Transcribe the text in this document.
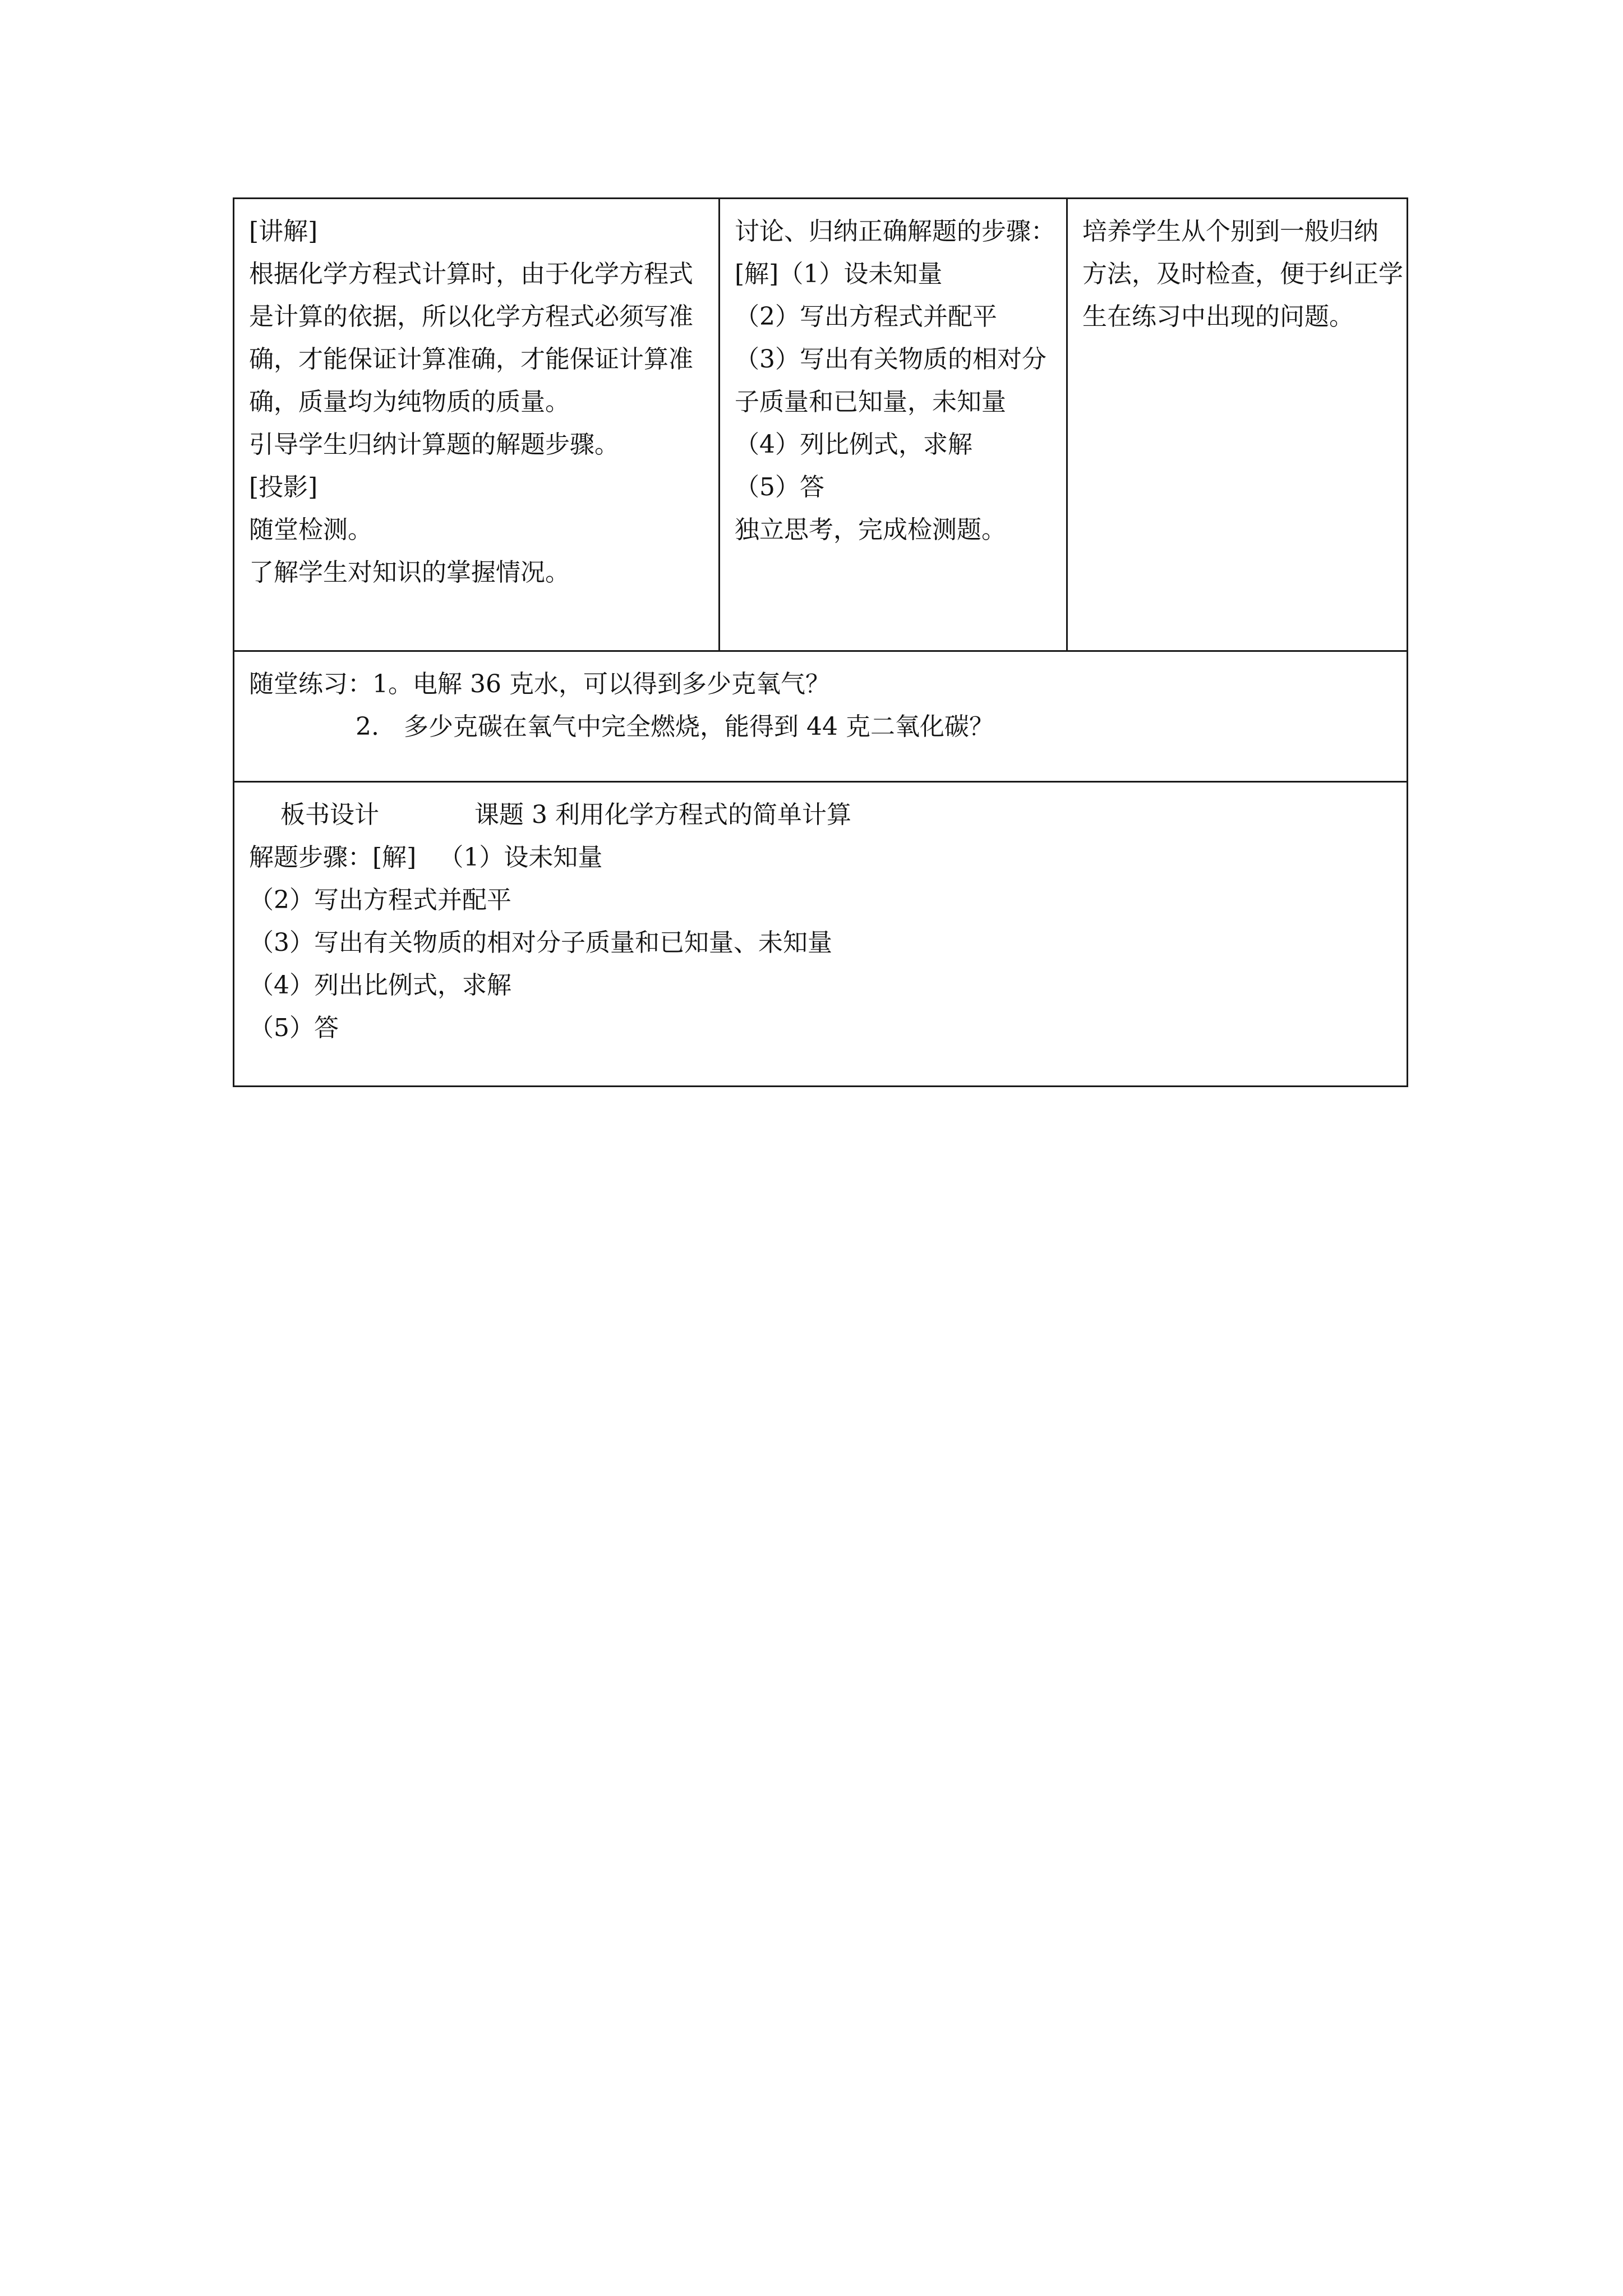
[讲解]
根据化学方程式计算时，由于化学方程式
是计算的依据，所以化学方程式必须写准
确，才能保证计算准确，才能保证计算准
确，质量均为纯物质的质量。
引导学生归纳计算题的解题步骤。
[投影]
随堂检测。
了解学生对知识的掌握情况。

讨论、归纳正确解题的步骤：
[解]（1）设未知量
（2）写出方程式并配平
（3）写出有关物质的相对分
子质量和已知量，未知量
（4）列比例式，求解
（5）答
独立思考，完成检测题。

培养学生从个别到一般归纳
方法，及时检查，便于纠正学
生在练习中出现的问题。

随堂练习：1。电解 36 克水，可以得到多少克氧气？
2.　多少克碳在氧气中完全燃烧，能得到 44 克二氧化碳？

板书设计	课题 3 利用化学方程式的简单计算
解题步骤：[解] （1）设未知量
（2）写出方程式并配平
（3）写出有关物质的相对分子质量和已知量、未知量
（4）列出比例式，求解
（5）答
